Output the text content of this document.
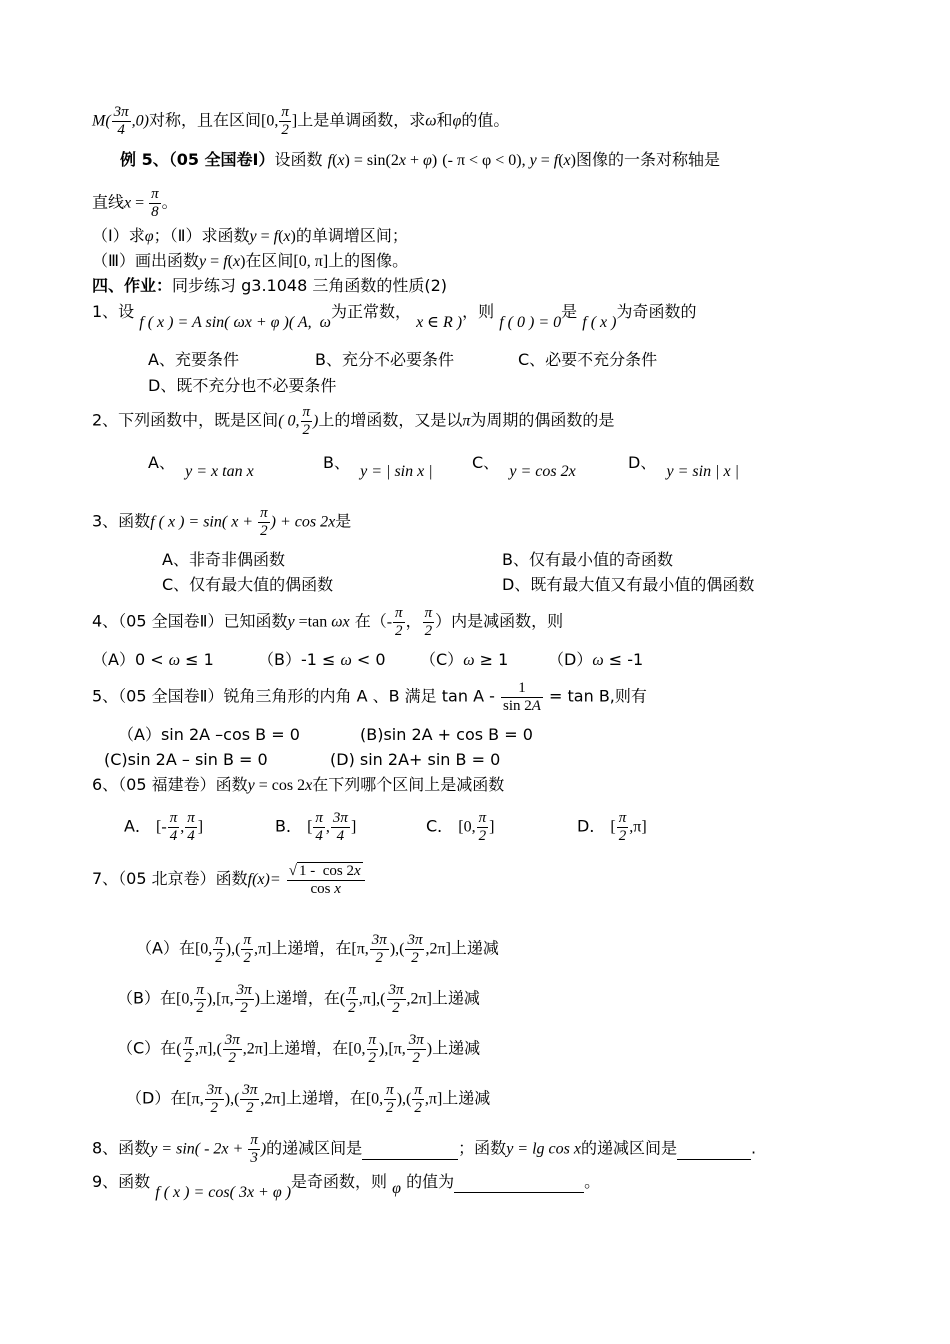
$M( \frac{3\pi}{4} ,0)$对称，且在区间[0, $\frac{\pi}{2}$ ]上是单调函数，求ω和φ的值。
例 5、（05 全国卷Ⅰ）设函数 f(x) = sin(2x + φ) (- π < φ < 0), y = f(x)图像的一条对称轴是
直线$x = \frac{\pi}{8}$ 。
（Ⅰ）求φ；（Ⅱ）求函数y = f(x)的单调增区间；
（Ⅲ）画出函数y = f(x)在区间[0, π]上的图像。
四、作业：同步练习 g3.1048 三角函数的性质(2)
1、设 f ( x ) = A sin( ωx + φ )( A,  ω为正常数， x ∈ R )，则 f ( 0 ) = 0是 f ( x )为奇函数的
A、充要条件	B、充分不必要条件	C、必要不充分条件
D、既不充分也不必要条件
2、下列函数中，既是区间( 0, $\frac{\pi}{2}$ )上的增函数，又是以π为周期的偶函数的是
A、 y = x tan x	B、 y = | sin x | C、 y = cos 2x	D、 y = sin | x |
3、函数f ( x ) = sin( $x + \frac{\pi}{2}$ ) + cos 2x是
A、非奇非偶函数	B、仅有最小值的奇函数
C、仅有最大值的偶函数	D、既有最大值又有最小值的偶函数
4、（05 全国卷Ⅱ）已知函数y =tan ωx 在（- $\frac{\pi}{2}$ ， $\frac{\pi}{2}$ ）内是减函数，则
（A）0 < ω ≤ 1	（B）-1 ≤ ω < 0 （C）ω ≥ 1 （D）ω ≤ -1
5、（05 全国卷Ⅱ）锐角三角形的内角 A 、B 满足 $\tan A - \frac{1}{\sin 2A} = \tan B$,则有
（A）sin 2A –cos B = 0	(B)sin 2A + cos B = 0
(C)sin 2A – sin B = 0	(D) sin 2A+ sin B = 0
6、（05 福建卷）函数y = cos 2x在下列哪个区间上是减函数
A． [- $\frac{\pi}{4}$ , $\frac{\pi}{4}$ ]	B． [ $\frac{\pi}{4}$ , $\frac{3\pi}{4}$ ]	C． [0, $\frac{\pi}{2}$ ]	D． [ $\frac{\pi}{2} ,\pi$]
7、（05 北京卷）函数$f(x)= \frac{√ 1 - \cos 2x}{\text{cos x}}$
（A）在[0, $\frac{\pi}{2}$ ),( $\frac{\pi}{2} ,\pi$]上递增，在[π, $\frac{3\pi}{2}$ ),( $\frac{3\pi}{2} ,2\pi$]上递减
（B）在[0, $\frac{\pi}{2} ),[\pi$, $\frac{3\pi}{2}$ )上递增，在( $\frac{\pi}{2} ,\pi],( \frac{3\pi}{2} ,2\pi]$上递减
（C）在( $\frac{\pi}{2} ,\pi],( \frac{3\pi}{2} ,2\pi]$上递增，在[0, $\frac{\pi}{2} ),[\pi$, $\frac{3\pi}{2}$ )上递减
（D）在[π, $\frac{3\pi}{2}$ ),( $\frac{3\pi}{2} ,2\pi$]上递增，在[0, $\frac{\pi}{2}$ ),( $\frac{\pi}{2} ,\pi$]上递减
8、函数$y = \sin( - 2x + \frac{\pi}{3}$ )的递减区间是	；函数y = lg cos x的递减区间是	.
9、函数 f ( x ) = cos( 3x + φ )是奇函数，则 φ 的值为	。
